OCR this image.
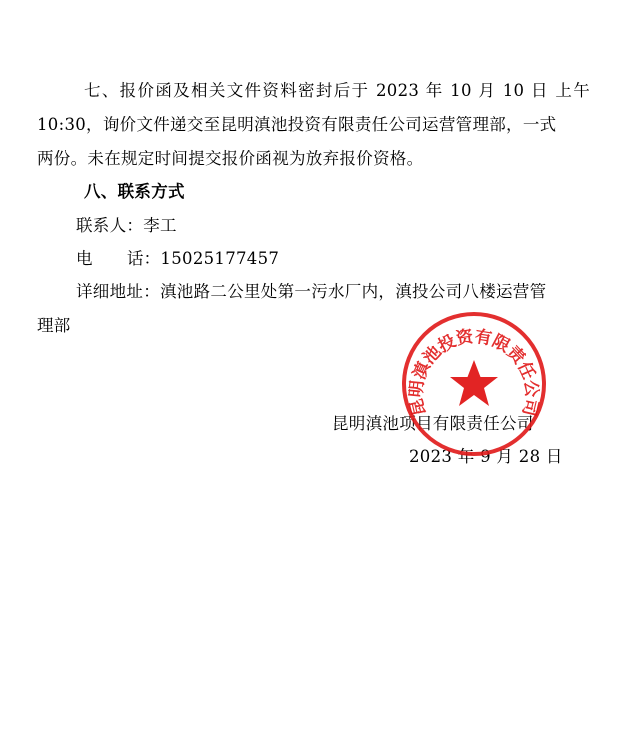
七、报价函及相关文件资料密封后于 2023 年 10 月 10 日 上午
10:30，询价文件递交至昆明滇池投资有限责任公司运营管理部，一式
两份。未在规定时间提交报价函视为放弃报价资格。
八、联系方式
联系人：李工
电 话：15025177457
详细地址：滇池路二公里处第一污水厂内，滇投公司八楼运营管
理部
昆明滇池项目有限责任公司
2023 年 9 月 28 日
昆明滇池投资有限责任公司
